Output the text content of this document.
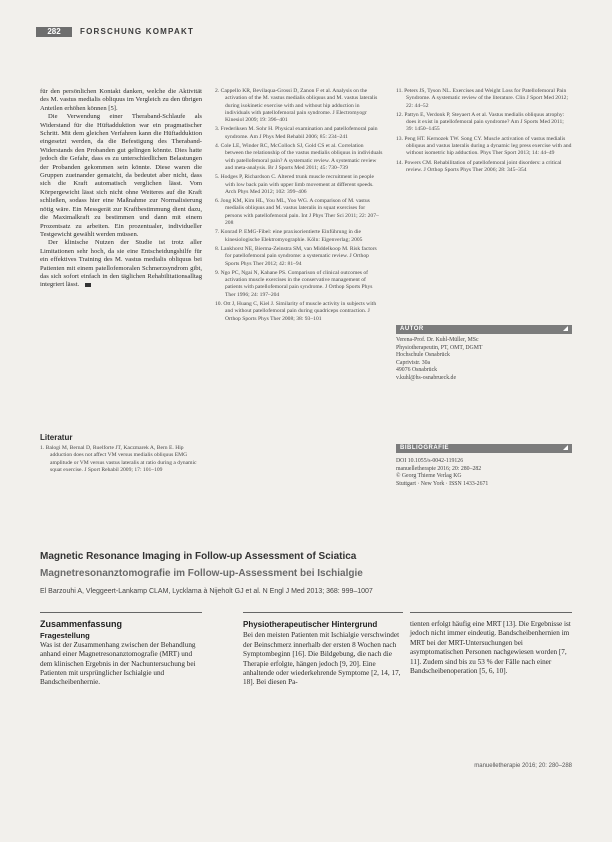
282	FORSCHUNG KOMPAKT

für den persönlichen Kontakt danken, welche die Aktivität des M. vastus medialis obliquus im Vergleich zu den übrigen Anteilen erhöhen können [5].

Die Verwendung einer Theraband-Schlaufe als Widerstand für die Hüftadduktion war ein pragmatischer Schritt. Mit dem gleichen Verfahren kann die Hüftadduktion eingesetzt werden, da die Befestigung des Theraband-Widerstands den Probanden gut gelingen könnte. Dies hatte jedoch die Gefahr, dass es zu unterschiedlichen Belastungen der Probanden gekommen sein könnte. Diese waren die Gruppen zueinander gematcht, da bedeutet aber nicht, dass sich die Kraft automatisch verglichen lässt. Vom Körpergewicht lässt sich nicht ohne Weiteres auf die Kraft schließen, sodass hier eine Maßnahme zur Normalisierung nötig wäre. Ein Messgerät zur Kraftbestimmung dient dazu, die Maximalkraft zu bestimmen und dann mit einem Prozentsatz zu arbeiten. Ein prozentualer, individueller Testgewicht gewählt werden müssen.

Der klinische Nutzen der Studie ist trotz aller Limitationen sehr hoch, da sie eine Entscheidungshilfe für ein effektives Training des M. vastus medialis obliquus bei Patienten mit einem patellofemoralen Schmerzsyndrom gibt, das sich sofort einfach in den täglichen Rehabilitationsalltag integriert lässt.

Literatur
1. Balogi M, Bernal D, Ruelforte JT, Kaczmarek A, Bern E. Hip adduction does not affect VM versus medialis obliquus EMG amplitude or VM versus vastus lateralis at ratio during a dynamic squat exercise. J Sport Rehabil 2009; 17: 101–109
2. Cappello KR, Bevilaqua-Grossi D, Zanon F et al. Analysis on the activation of the M. vastus medialis obliquus and M. vastus lateralis during isokinetic exercise with and without hip adduction in individuals with patellofemoral pain syndrome. J Electromyogr Kinesiol 2009; 19: 396–401
3. Frederiksen M. Sohr H. Physical examination and patellofemoral pain syndrome. Am J Phys Med Rehabil 2006; 85: 234–241
4. Cole LE, Winder RC, McColloch SJ, Gold CS et al. Correlation between the relationship of the vastus medialis obliquus in individuals with patellofemoral pain? A systematic review. A systematic review and meta-analysis. Br J Sports Med 2011; 45: 730–739
5. Hodges P, Richardson C. Altered trunk muscle recruitment in people with low back pain with upper limb movement at different speeds. Arch Phys Med 2012; 102: 399–406
6. Jong KM, Kim HL, You ML, Yoo WG. A comparison of M. vastus medialis obliquus and M. vastus lateralis in squat exercises for persons with patellofemoral pain. Int J Phys Ther Sci 2011; 22: 207–208
7. Konrad P. EMG-Fibel: eine praxisorientierte Einführung in die kinesiologische Elektromyographie. Köln: Eigenverlag; 2005
8. Lankhorst NE, Bierma-Zeinstra SM, van Middelkoop M. Risk factors for patellofemoral pain syndrome: a systematic review. J Orthop Sports Phys Ther 2012; 42: 81–94
9. Ngo PC, Ngai N, Kahane PS. Comparison of clinical outcomes of activation muscle exercises in the conservative management of patients with patellofemoral pain syndrome. J Orthop Sports Phys Ther 1996; 24: 197–204
10. Ott J, Huang C, Kiel J. Similarity of muscle activity in subjects with and without patellofemoral pain during quadriceps contraction. J Orthop Sports Phys Ther 2008; 38: 93–101
11. Peters JS, Tyson NL. Exercises and Weight Loss for Patellofemoral Pain Syndrome. A systematic review of the literature. Clin J Sport Med 2012; 22: 44–52
12. Pattyn E, Verdonk P, Steyaert A et al. Vastus medialis obliquus atrophy: does it exist in patellofemoral pain syndrome? Am J Sports Med 2011; 39: 1450–1455
13. Peng HT. Kernozek TW. Song CY. Muscle activation of vastus medialis obliquus and vastus lateralis during a dynamic leg press exercise with and without isometric hip adduction. Phys Ther Sport 2013; 14: 44–49
14. Powers CM. Rehabilitation of patellofemoral joint disorders: a critical review. J Orthop Sports Phys Ther 2006; 28: 345–354
AUTOR
Verena-Prof. Dr. Kuhl-Müller, MSc
Physiotherapeutin, PT, OMT, DGMT
Hochschule Osnabrück
Caprivistr. 30a
49076 Osnabrück
v.kuhl@hs-osnabrueck.de
BIBLIOGRAFIE
DOI 10.1055/s-0042-119126
manuelletherapie 2016; 20: 280–282
© Georg Thieme Verlag KG
Stuttgart · New York · ISSN 1433-2671
Magnetic Resonance Imaging in Follow-up Assessment of Sciatica
Magnetresonanztomografie im Follow-up-Assessment bei Ischialgie
El Barzouhi A, Vleggeert-Lankamp CLAM, Lycklama à Nijeholt GJ et al. N Engl J Med 2013; 368: 999–1007
Zusammenfassung
Fragestellung

Was ist der Zusammenhang zwischen der Behandlung anhand einer Magnetresonanztomografie (MRT) und dem klinischen Ergebnis in der Nachuntersuchung bei Patienten mit ursprünglicher Ischialgie und Bandscheibenhernie.

Physiotherapeutischer Hintergrund

Bei den meisten Patienten mit Ischialgie verschwindet der Beinschmerz innerhalb der ersten 8 Wochen nach Symptombeginn [16]. Die Bildgebung, die nach die Therapie erfolgte, hängen jedoch [9, 20]. Eine anhaltende oder wiederkehrende Symptome [2, 14, 17, 18]. Bei diesen Pa-

tienten erfolgt häufig eine MRT [13]. Die Ergebnisse ist jedoch nicht immer eindeutig. Bandscheibenhernien im MRT bei der MRT-Untersuchungen bei asymptomatischen Personen nachgewiesen worden [7, 11]. Zudem sind bis zu 53 % der Fälle nach einer Bandscheibenoperation [5, 6, 10].

manuelletherapie 2016; 20: 280–288
